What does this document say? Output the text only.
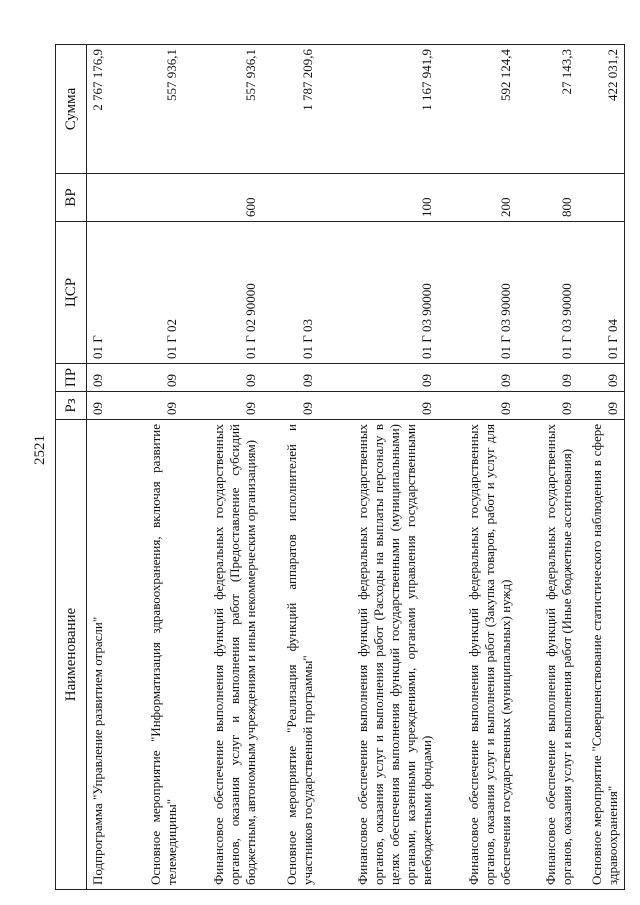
2521
Наименование	Рз	ПР	ЦСР	ВР	Сумма
Подпрограмма "Управление развитием отрасли"	09	09	01 Г		2 767 176,9
Основное мероприятие "Информатизация здравоохранения, включая развитие телемедицины"	09	09	01 Г 02		557 936,1
Финансовое обеспечение выполнения функций федеральных государственных органов, оказания услуг и выполнения работ (Предоставление субсидий бюджетным, автономным учреждениям и иным некоммерческим организациям)	09	09	01 Г 02 90000	600	557 936,1
Основное мероприятие "Реализация функций аппаратов исполнителей и участников государственной программы"	09	09	01 Г 03		1 787 209,6
Финансовое обеспечение выполнения функций федеральных государственных органов, оказания услуг и выполнения работ (Расходы на выплаты персоналу в целях обеспечения выполнения функций государственными (муниципальными) органами, казенными учреждениями, органами управления государственными внебюджетными фондами)	09	09	01 Г 03 90000	100	1 167 941,9
Финансовое обеспечение выполнения функций федеральных государственных органов, оказания услуг и выполнения работ (Закупка товаров, работ и услуг для обеспечения государственных (муниципальных) нужд)	09	09	01 Г 03 90000	200	592 124,4
Финансовое обеспечение выполнения функций федеральных государственных органов, оказания услуг и выполнения работ (Иные бюджетные ассигнования)	09	09	01 Г 03 90000	800	27 143,3
Основное мероприятие "Совершенствование статистического наблюдения в сфере здравоохранения"	09	09	01 Г 04		422 031,2
